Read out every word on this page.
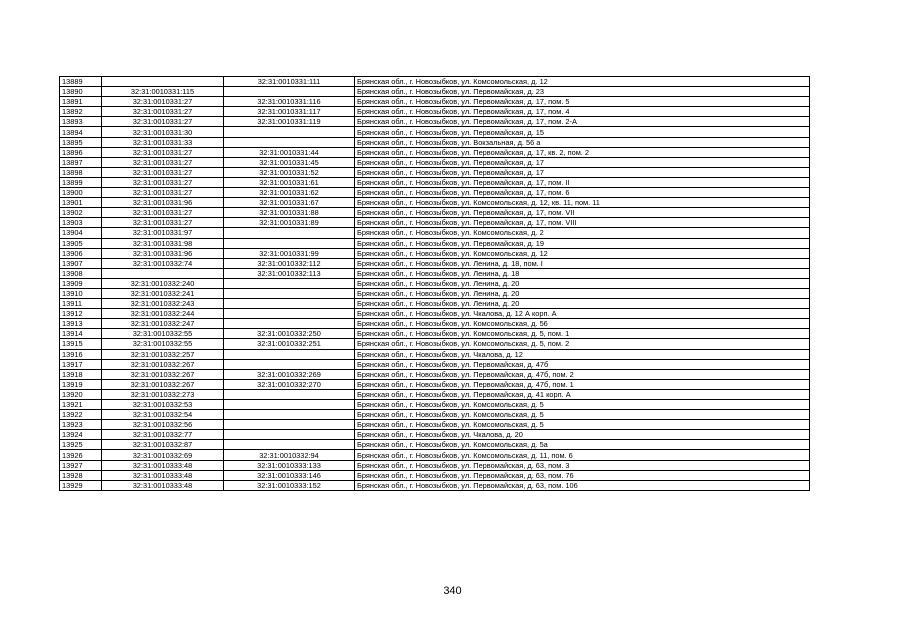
13889		32:31:0010331:111	Брянская обл., г. Новозыбков, ул. Комсомольская, д. 12
13890	32:31:0010331:115		Брянская обл., г. Новозыбков, ул. Первомайская, д. 23
13891	32:31:0010331:27	32:31:0010331:116	Брянская обл., г. Новозыбков, ул. Первомайская, д. 17, пом. 5
13892	32:31:0010331:27	32:31:0010331:117	Брянская обл., г. Новозыбков, ул. Первомайская, д. 17, пом. 4
13893	32:31:0010331:27	32:31:0010331:119	Брянская обл., г. Новозыбков, ул. Первомайская, д. 17, пом. 2-А
13894	32:31:0010331:30		Брянская обл., г. Новозыбков, ул. Первомайская, д. 15
13895	32:31:0010331:33		Брянская обл., г. Новозыбков, ул. Вокзальная, д. 56 а
13896	32:31:0010331:27	32:31:0010331:44	Брянская обл., г. Новозыбков, ул. Первомайская, д. 17, кв. 2, пом. 2
13897	32:31:0010331:27	32:31:0010331:45	Брянская обл., г. Новозыбков, ул. Первомайская, д. 17
13898	32:31:0010331:27	32:31:0010331:52	Брянская обл., г. Новозыбков, ул. Первомайская, д. 17
13899	32:31:0010331:27	32:31:0010331:61	Брянская обл., г. Новозыбков, ул. Первомайская, д. 17, пом. II
13900	32:31:0010331:27	32:31:0010331:62	Брянская обл., г. Новозыбков, ул. Первомайская, д. 17, пом. 6
13901	32:31:0010331:96	32:31:0010331:67	Брянская обл., г. Новозыбков, ул. Комсомольская, д. 12, кв. 11, пом. 11
13902	32:31:0010331:27	32:31:0010331:88	Брянская обл., г. Новозыбков, ул. Первомайская, д. 17, пом. VII
13903	32:31:0010331:27	32:31:0010331:89	Брянская обл., г. Новозыбков, ул. Первомайская, д. 17, пом. VIII
13904	32:31:0010331:97		Брянская обл., г. Новозыбков, ул. Комсомольская, д. 2
13905	32:31:0010331:98		Брянская обл., г. Новозыбков, ул. Первомайская, д. 19
13906	32:31:0010331:96	32:31:0010331:99	Брянская обл., г. Новозыбков, ул. Комсомольская, д. 12
13907	32:31:0010332:74	32:31:0010332:112	Брянская обл., г. Новозыбков, ул. Ленина, д. 18, пом. I
13908		32:31:0010332:113	Брянская обл., г. Новозыбков, ул. Ленина, д. 18
13909	32:31:0010332:240		Брянская обл., г. Новозыбков, ул. Ленина, д. 20
13910	32:31:0010332:241		Брянская обл., г. Новозыбков, ул. Ленина, д. 20
13911	32:31:0010332:243		Брянская обл., г. Новозыбков, ул. Ленина, д. 20
13912	32:31:0010332:244		Брянская обл., г. Новозыбков, ул. Чкалова, д. 12 А корп. А
13913	32:31:0010332:247		Брянская обл., г. Новозыбков, ул. Комсомольская, д. 56
13914	32:31:0010332:55	32:31:0010332:250	Брянская обл., г. Новозыбков, ул. Комсомольская, д. 5, пом. 1
13915	32:31:0010332:55	32:31:0010332:251	Брянская обл., г. Новозыбков, ул. Комсомольская, д. 5, пом. 2
13916	32:31:0010332:257		Брянская обл., г. Новозыбков, ул. Чкалова, д. 12
13917	32:31:0010332:267		Брянская обл., г. Новозыбков, ул. Первомайская, д. 47б
13918	32:31:0010332:267	32:31:0010332:269	Брянская обл., г. Новозыбков, ул. Первомайская, д. 47б, пом. 2
13919	32:31:0010332:267	32:31:0010332:270	Брянская обл., г. Новозыбков, ул. Первомайская, д. 47б, пом. 1
13920	32:31:0010332:273		Брянская обл., г. Новозыбков, ул. Первомайская, д. 41 корп. А
13921	32:31:0010332:53		Брянская обл., г. Новозыбков, ул. Комсомольская, д. 5
13922	32:31:0010332:54		Брянская обл., г. Новозыбков, ул. Комсомольская, д. 5
13923	32:31:0010332:56		Брянская обл., г. Новозыбков, ул. Комсомольская, д. 5
13924	32:31:0010332:77		Брянская обл., г. Новозыбков, ул. Чкалова, д. 20
13925	32:31:0010332:87		Брянская обл., г. Новозыбков, ул. Комсомольская, д. 5а
13926	32:31:0010332:69	32:31:0010332:94	Брянская обл., г. Новозыбков, ул. Комсомольская, д. 11, пом. 6
13927	32:31:0010333:48	32:31:0010333:133	Брянская обл., г. Новозыбков, ул. Первомайская, д. 63, пом. 3
13928	32:31:0010333:48	32:31:0010333:146	Брянская обл., г. Новозыбков, ул. Первомайская, д. 63, пом. 76
13929	32:31:0010333:48	32:31:0010333:152	Брянская обл., г. Новозыбков, ул. Первомайская, д. 63, пом. 106
340
